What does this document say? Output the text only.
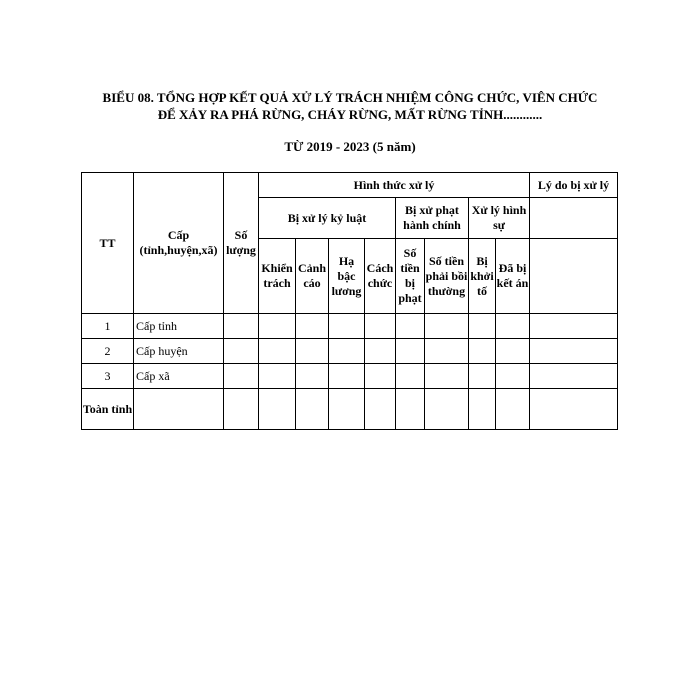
BIỂU 08. TỔNG HỢP KẾT QUẢ XỬ LÝ TRÁCH NHIỆM CÔNG CHỨC, VIÊN CHỨC
ĐỂ XẢY RA PHÁ RỪNG, CHÁY RỪNG, MẤT RỪNG TỈNH............
TỪ 2019 - 2023 (5 năm)
TT	Cấp (tỉnh,huyện,xã)	Số lượng	Hình thức xử lý								Lý do bị xử lý
			Bị xử lý kỷ luật				Bị xử phạt hành chính		Xử lý hình sự		
			Khiển trách	Cảnh cáo	Hạ bậc lương	Cách chức	Số tiền bị phạt	Số tiền phải bồi thường	Bị khởi tố	Đã bị kết án	
1	Cấp tỉnh										
2	Cấp huyện										
3	Cấp xã										
Toàn tỉnh											
